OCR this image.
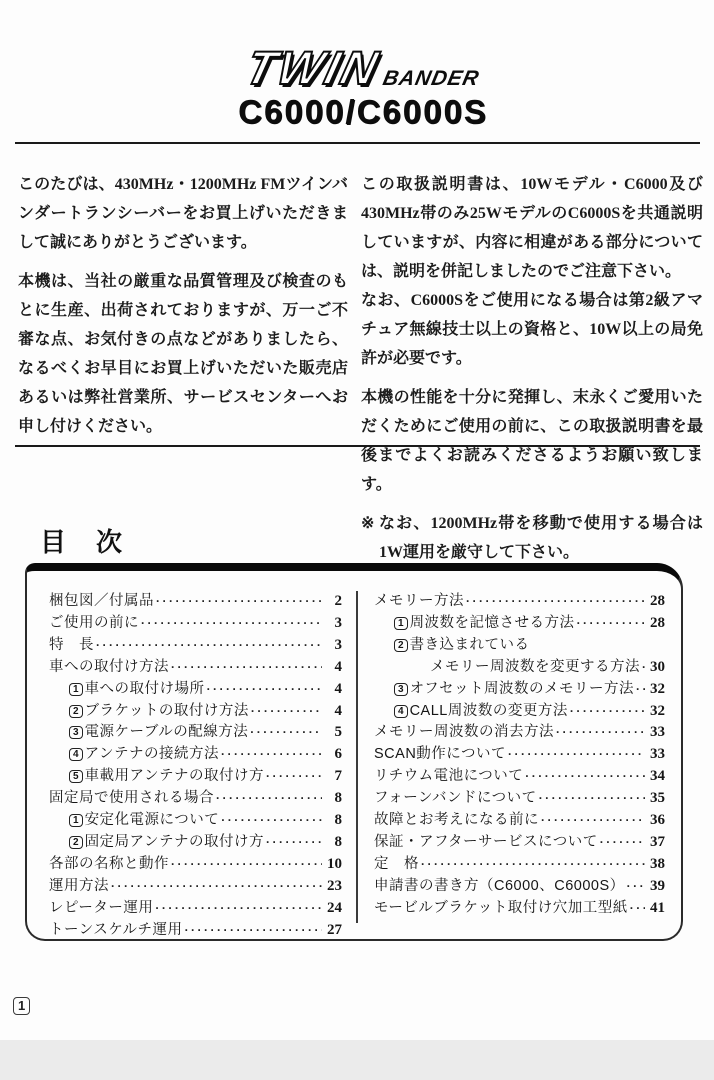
TWIN
BANDER
C6000/C6000S

このたびは、430MHz・1200MHz FMツインバンダートランシーバーをお買上げいただきまして誠にありがとうございます。

本機は、当社の厳重な品質管理及び検査のもとに生産、出荷されておりますが、万一ご不審な点、お気付きの点などがありましたら、なるべくお早目にお買上げいただいた販売店あるいは弊社営業所、サービスセンターへお申し付けください。

この取扱説明書は、10Wモデル・C6000及び430MHz帯のみ25WモデルのC6000Sを共通説明していますが、内容に相違がある部分については、説明を併記しましたのでご注意下さい。

なお、C6000Sをご使用になる場合は第2級アマチュア無線技士以上の資格と、10W以上の局免許が必要です。

本機の性能を十分に発揮し、末永くご愛用いただくためにご使用の前に、この取扱説明書を最後までよくお読みくださるようお願い致します。

※ なお、1200MHz帯を移動で使用する場合は1W運用を厳守して下さい。

目　次
梱包図／付属品 ·····	2
ご使用の前に ·····	3
特　長 ·····	3
車への取付け方法 ·····	4
1 車への取付け場所 ·····	4
2 ブラケットの取付け方法 ·····	4
3 電源ケーブルの配線方法 ·····	5
4 アンテナの接続方法 ·····	6
5 車載用アンテナの取付け方 ·····	7
固定局で使用される場合 ·····	8
1 安定化電源について ·····	8
2 固定局アンテナの取付け方 ·····	8
各部の名称と動作 ·····	10
運用方法 ·····	23
レピーター運用 ·····	24
トーンスケルチ運用 ·····	27
メモリー方法 ·····	28
1 周波数を記憶させる方法 ·····	28
2 書き込まれている
メモリー周波数を変更する方法 ····· 30
3 オフセット周波数のメモリー方法 ····· 32
4 CALL周波数の変更方法 ·····	32
メモリー周波数の消去方法 ·····	33
SCAN動作について ·····	33
リチウム電池について ·····	34
フォーンバンドについて ·····	35
故障とお考えになる前に ·····	36
保証・アフターサービスについて ·····	37
定　格 ·····	38
申請書の書き方（C6000、C6000S） ····· 39
モービルブラケット取付け穴加工型紙 ····· 41
1
